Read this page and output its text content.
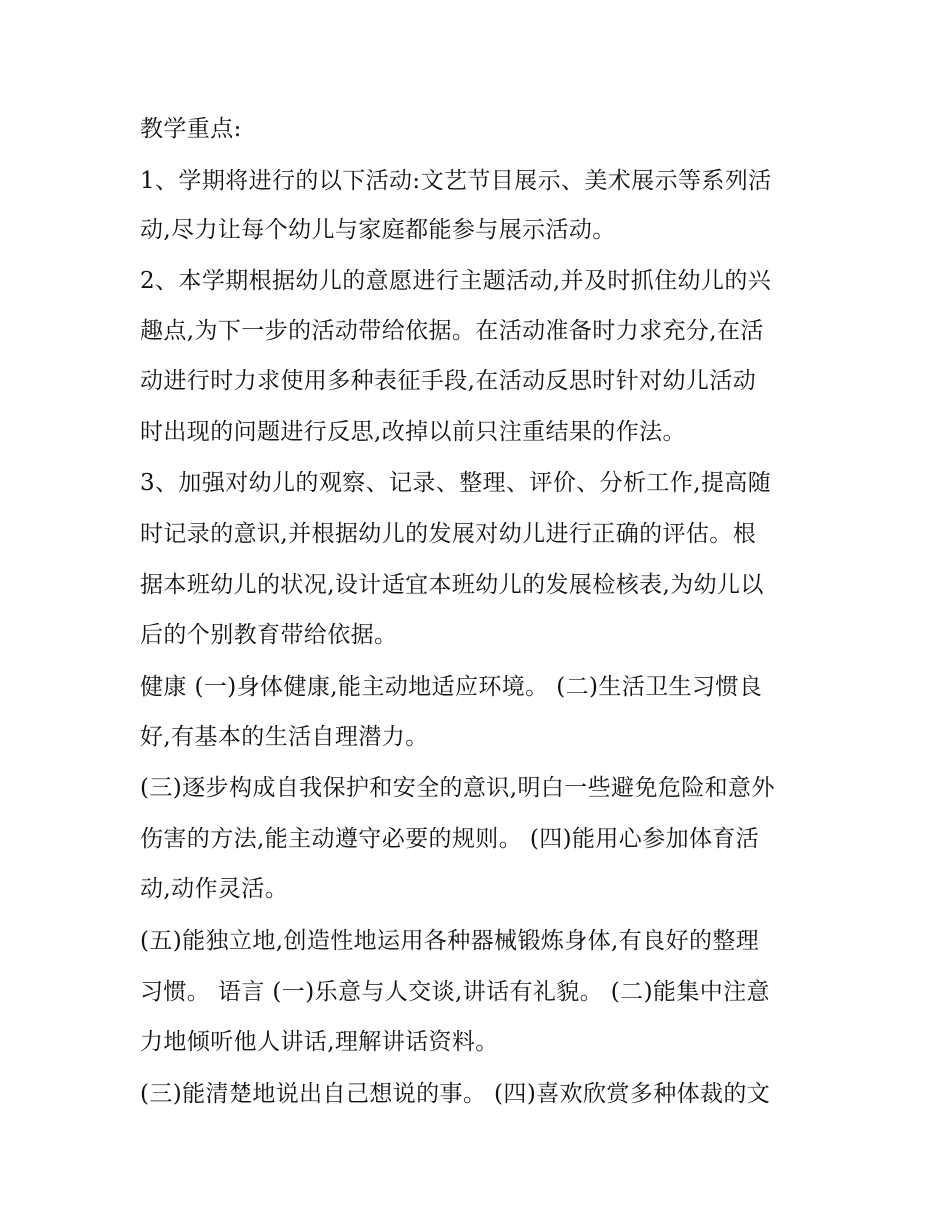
教学重点:

1、学期将进行的以下活动:文艺节目展示、美术展示等系列活

动,尽力让每个幼儿与家庭都能参与展示活动。

2、本学期根据幼儿的意愿进行主题活动,并及时抓住幼儿的兴

趣点,为下一步的活动带给依据。在活动准备时力求充分,在活

动进行时力求使用多种表征手段,在活动反思时针对幼儿活动

时出现的问题进行反思,改掉以前只注重结果的作法。

3、加强对幼儿的观察、记录、整理、评价、分析工作,提高随

时记录的意识,并根据幼儿的发展对幼儿进行正确的评估。根

据本班幼儿的状况,设计适宜本班幼儿的发展检核表,为幼儿以

后的个别教育带给依据。

健康 (一)身体健康,能主动地适应环境。 (二)生活卫生习惯良

好,有基本的生活自理潜力。

(三)逐步构成自我保护和安全的意识,明白一些避免危险和意外

伤害的方法,能主动遵守必要的规则。 (四)能用心参加体育活

动,动作灵活。

(五)能独立地,创造性地运用各种器械锻炼身体,有良好的整理

习惯。 语言 (一)乐意与人交谈,讲话有礼貌。 (二)能集中注意

力地倾听他人讲话,理解讲话资料。

(三)能清楚地说出自己想说的事。 (四)喜欢欣赏多种体裁的文
